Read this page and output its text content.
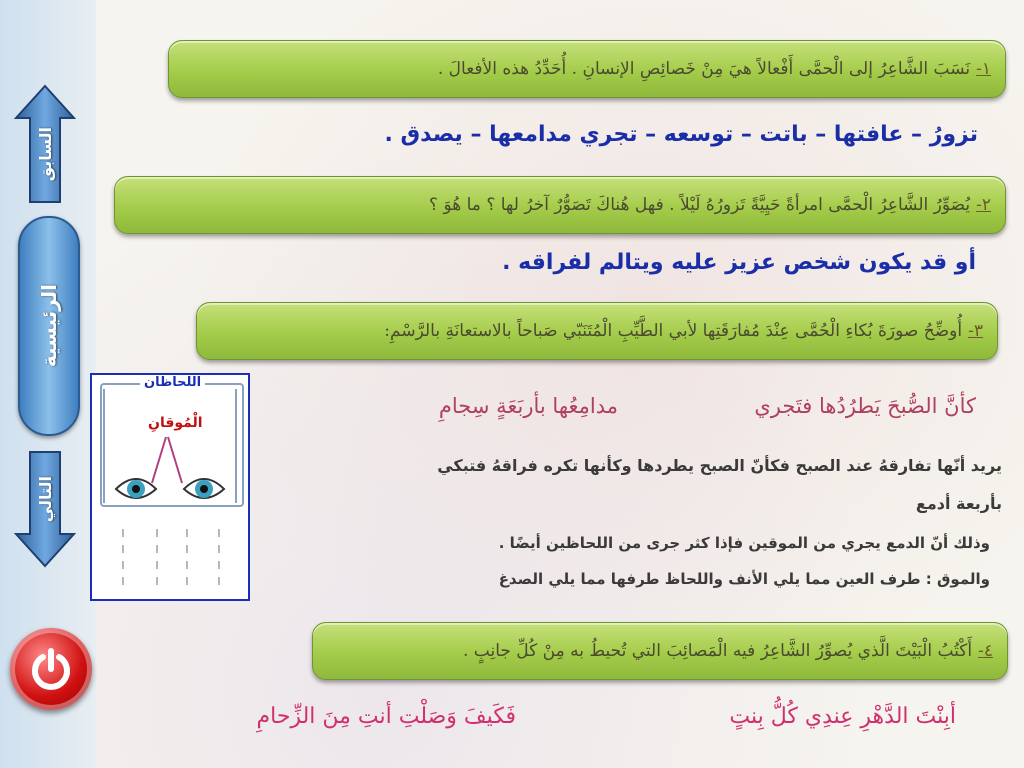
السابق
الرئيسية
التالي
١-
نَسَبَ الشَّاعِرُ إلى الْحمَّى أَفْعالاً هيَ مِنْ خَصائِصِ الإنسانِ . أُحَدِّدُ هذه الأفعالَ .
تزورُ – عافتها – باتت – توسعه – تجري مدامعها – يصدق .
٢-
يُصَوِّرُ الشَّاعِرُ الْحمَّى امرأةً حَيِيَّةً تَزورُهُ لَيْلاً . فهل هُناكَ تَصَوُّرٌ آخرُ لها ؟ ما هُوَ ؟
أو قد يكون شخص عزيز عليه ويتالم لفراقه .
٣-
أُوضِّحُ صورَةَ بُكاءِ الْحُمَّى عِنْدَ مُفارَقَتِها لأبي الطَّيِّبِ الْمُتَنَبّي صَباحاً بالاستعانَةِ بالرَّسْمِ:
اللحاظان
الْمُوقانِ
كأنَّ الصُّبحَ يَطرُدُها فتَجري
مدامِعُها بأربَعَةٍ سِجامِ
يريد أنّها تفارقهُ عند الصبح فكأنّ الصبح يطردها وكأنها تكره فراقهُ فتبكي
بأربعة أدمع
وذلك أنّ الدمع يجري من الموقين فإذا كثر جرى من اللحاظين أيضًا .
والموق : طرف العين مما يلي الأنف واللحاظ طرفها مما يلي الصدغ
٤-
أَكْتُبُ الْبَيْتَ الَّذي يُصوِّرُ الشَّاعِرُ فيه الْمَصائِبَ التي تُحيطُ به مِنْ كُلِّ جانِبٍ .
أبِنْتَ الدَّهْرِ عِندِي كُلُّ بِنتٍ
فَكَيفَ وَصَلْتِ أنتِ مِنَ الزِّحامِ
